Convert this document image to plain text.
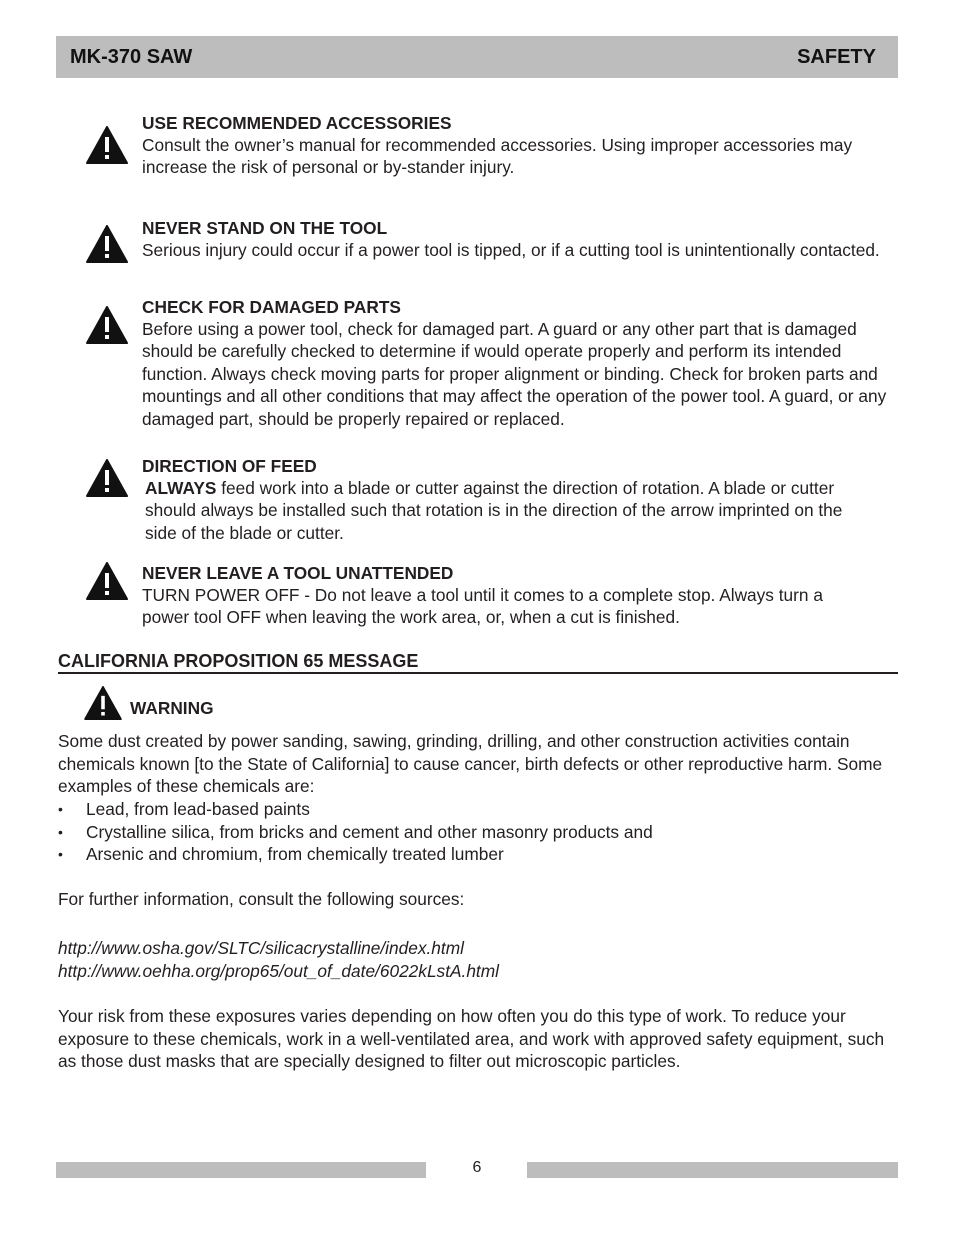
MK-370 SAW	SAFETY
USE RECOMMENDED ACCESSORIES

Consult the owner’s manual for recommended accessories. Using improper accessories may increase the risk of personal or by-stander injury.

NEVER STAND ON THE TOOL

Serious injury could occur if a power tool is tipped, or if a cutting tool is unintentionally contacted.

CHECK FOR DAMAGED PARTS

Before using a power tool, check for damaged part. A guard or any other part that is damaged should be carefully checked to determine if would operate properly and perform its intended function. Always check moving parts for proper alignment or binding. Check for broken parts and mountings and all other conditions that may affect the operation of the power tool. A guard, or any damaged part, should be properly repaired or replaced.

DIRECTION OF FEED

ALWAYS feed work into a blade or cutter against the direction of rotation. A blade or cutter should always be installed such that rotation is in the direction of the arrow imprinted on the side of the blade or cutter.

NEVER LEAVE A TOOL UNATTENDED

TURN POWER OFF - Do not leave a tool until it comes to a complete stop. Always turn a power tool OFF when leaving the work area, or, when a cut is finished.

CALIFORNIA PROPOSITION 65 MESSAGE
WARNING

Some dust created by power sanding, sawing, grinding, drilling, and other construction activities contain chemicals known [to the State of California] to cause cancer, birth defects or other reproductive harm. Some examples of these chemicals are:

• Lead, from lead-based paints
• Crystalline silica, from bricks and cement and other masonry products and
• Arsenic and chromium, from chemically treated lumber

For further information, consult the following sources:

http://www.osha.gov/SLTC/silicacrystalline/index.html
http://www.oehha.org/prop65/out_of_date/6022kLstA.html

Your risk from these exposures varies depending on how often you do this type of work. To reduce your exposure to these chemicals, work in a well-ventilated area, and work with approved safety equipment, such as those dust masks that are specially designed to filter out microscopic particles.

6
